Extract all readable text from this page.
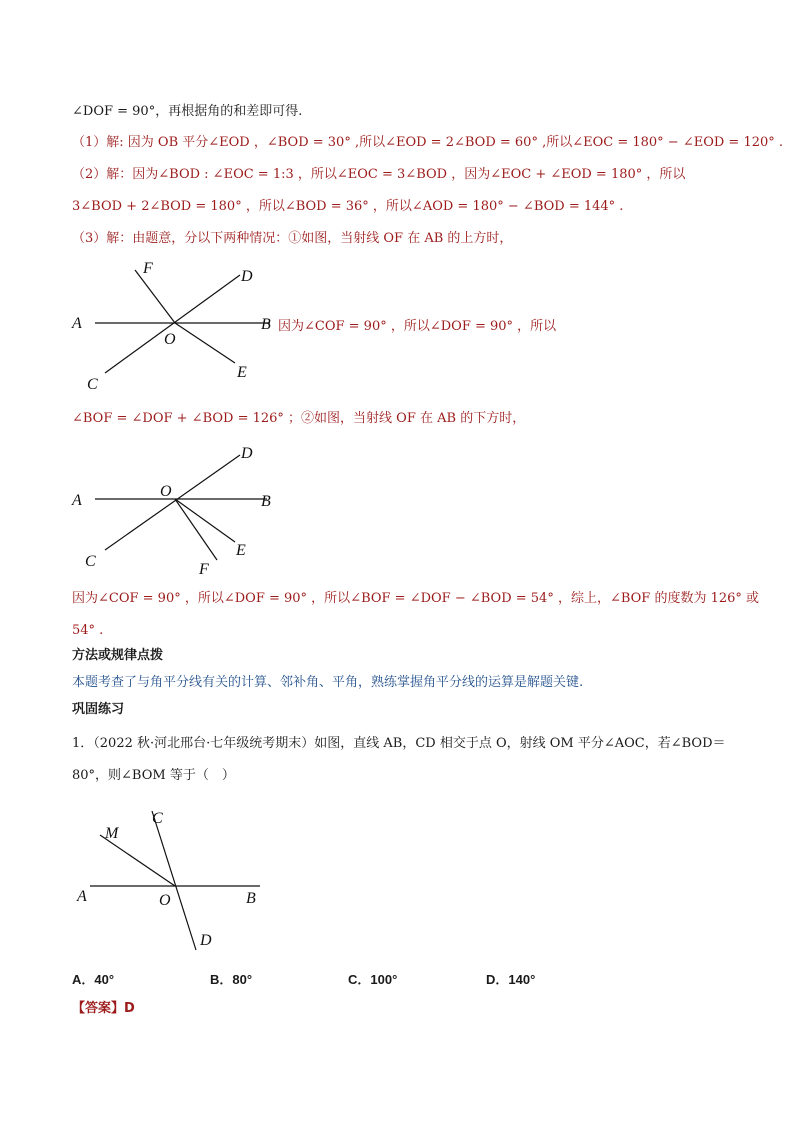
∠DOF = 90°，再根据角的和差即可得.
（1）解: 因为 OB 平分∠EOD ，∠BOD = 30° ,所以∠EOD = 2∠BOD = 60° ,所以∠EOC = 180° − ∠EOD = 120° .
（2）解：因为∠BOD : ∠EOC = 1:3 ，所以∠EOC = 3∠BOD ，因为∠EOC + ∠EOD = 180° ，所以
3∠BOD + 2∠BOD = 180° ，所以∠BOD = 36° ，所以∠AOD = 180° − ∠BOD = 144° .
（3）解：由题意，分以下两种情况：①如图，当射线 OF 在 AB 的上方时，
A	B
C
D
E
F
O
因为∠COF = 90° ，所以∠DOF = 90° ，所以
∠BOF = ∠DOF + ∠BOD = 126° ；②如图，当射线 OF 在 AB 的下方时，
A	B
C
D
E
F
O
因为∠COF = 90° ，所以∠DOF = 90° ，所以∠BOF = ∠DOF − ∠BOD = 54° ，综上，∠BOF 的度数为 126° 或
54° .
方法或规律点拨
本题考查了与角平分线有关的计算、邻补角、平角，熟练掌握角平分线的运算是解题关键.
巩固练习
1．（2022 秋·河北邢台·七年级统考期末）如图，直线 AB，CD 相交于点 O，射线 OM 平分∠AOC，若∠BOD＝
80°，则∠BOM 等于（　）
A	B
C
D
M
O
A．40°	B．80°	C．100°	D．140°
【答案】D
